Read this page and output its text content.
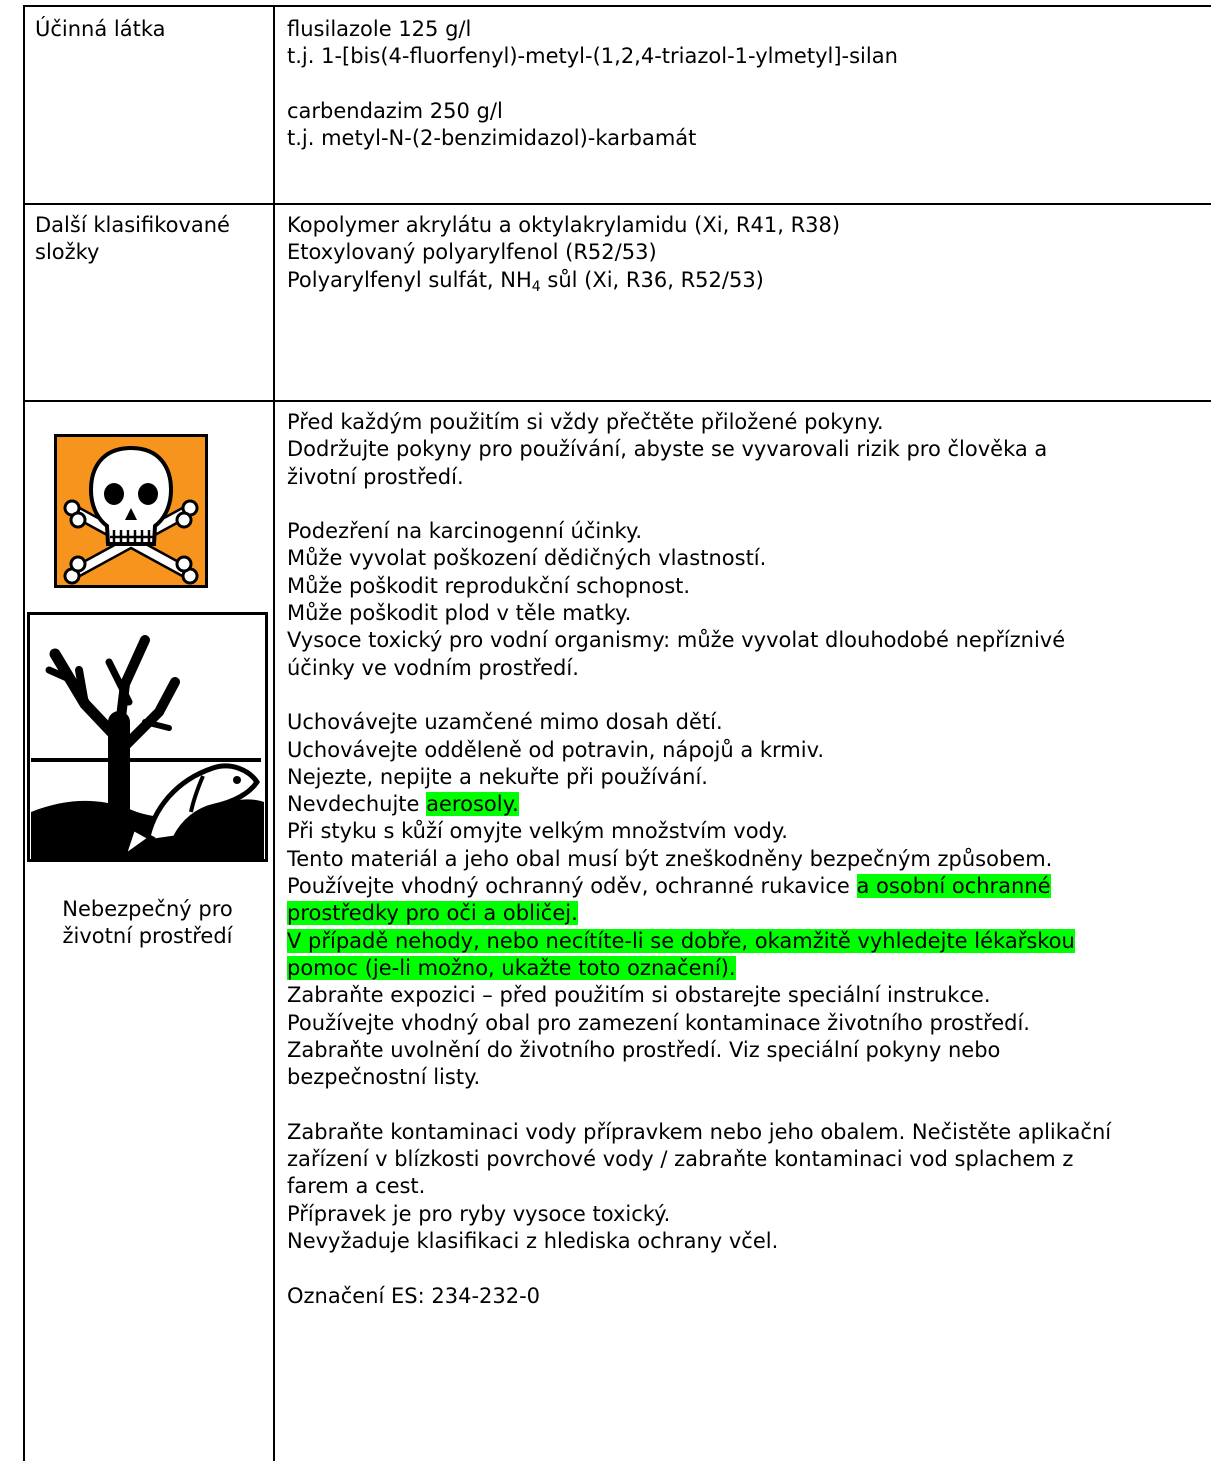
Účinná látka	flusilazole 125 g/l

t.j. 1-[bis(4-fluorfenyl)-metyl-(1,2,4-triazol-1-ylmetyl]-silan

carbendazim 250 g/l

t.j. metyl-N-(2-benzimidazol)-karbamát

Další klasifikované

složky

Kopolymer akrylátu a oktylakrylamidu (Xi, R41, R38)

Etoxylovaný polyarylfenol (R52/53)

Polyarylfenyl sulfát, $NH_4$ sůl (Xi, R36, R52/53)

Nebezpečný pro
životní prostředí

Před každým použitím si vždy přečtěte přiložené pokyny.

Dodržujte pokyny pro používání, abyste se vyvarovali rizik pro člověka a

životní prostředí.

Podezření na karcinogenní účinky.

Může vyvolat poškození dědičných vlastností.

Může poškodit reprodukční schopnost.

Může poškodit plod v těle matky.

Vysoce toxický pro vodní organismy: může vyvolat dlouhodobé nepříznivé

účinky ve vodním prostředí.

Uchovávejte uzamčené mimo dosah dětí.

Uchovávejte odděleně od potravin, nápojů a krmiv.

Nejezte, nepijte a nekuřte při používání.

Nevdechujte aerosoly.

Při styku s kůží omyjte velkým množstvím vody.

Tento materiál a jeho obal musí být zneškodněny bezpečným způsobem.

Používejte vhodný ochranný oděv, ochranné rukavice a osobní ochranné

prostředky pro oči a obličej.

V případě nehody, nebo necítíte-li se dobře, okamžitě vyhledejte lékařskou

pomoc (je-li možno, ukažte toto označení).

Zabraňte expozici – před použitím si obstarejte speciální instrukce.

Používejte vhodný obal pro zamezení kontaminace životního prostředí.

Zabraňte uvolnění do životního prostředí. Viz speciální pokyny nebo

bezpečnostní listy.

Zabraňte kontaminaci vody přípravkem nebo jeho obalem. Nečistěte aplikační

zařízení v blízkosti povrchové vody / zabraňte kontaminaci vod splachem z

farem a cest.

Přípravek je pro ryby vysoce toxický.

Nevyžaduje klasifikaci z hlediska ochrany včel.

Označení ES: 234-232-0
